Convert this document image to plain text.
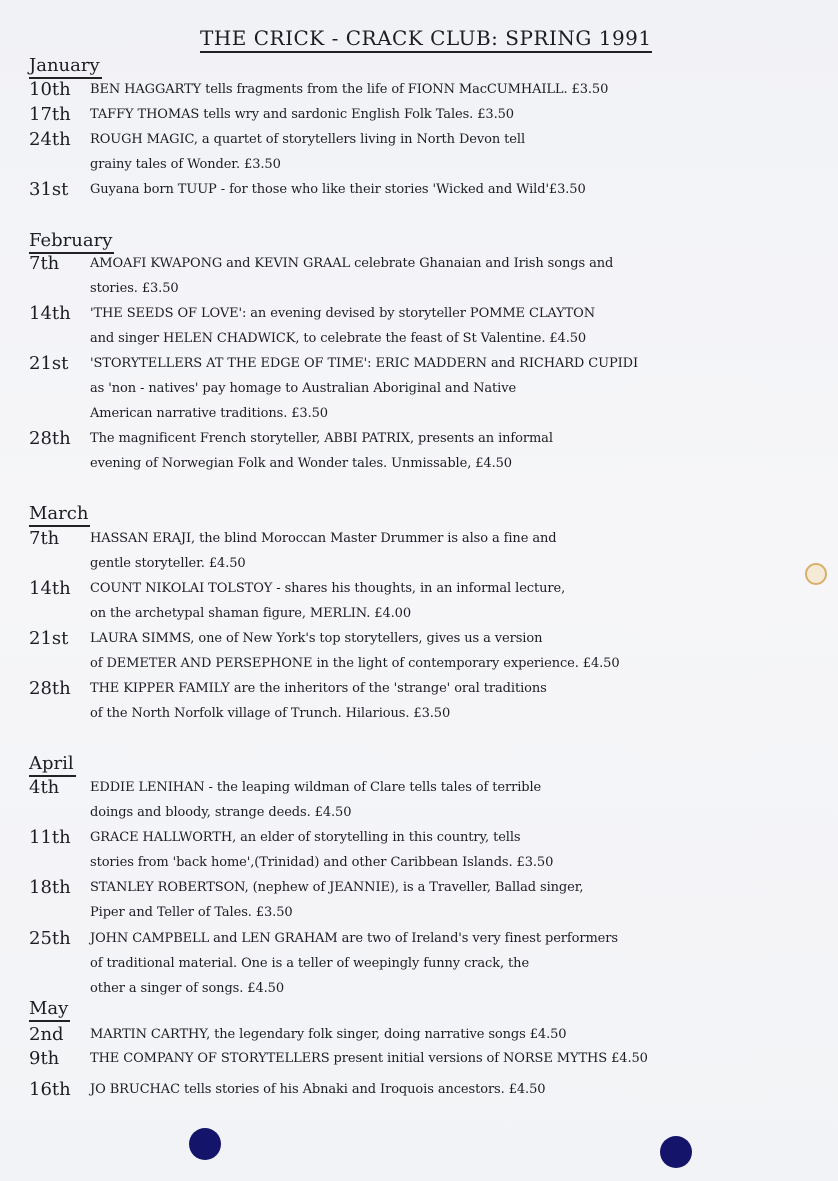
THE CRICK - CRACK CLUB: SPRING 1991
January
10th	BEN HAGGARTY tells fragments from the life of FIONN MacCUMHAILL. £3.50
17th	TAFFY THOMAS tells wry and sardonic English Folk Tales. £3.50
24th	ROUGH MAGIC, a quartet of storytellers living in North Devon tell
grainy tales of Wonder. £3.50
31st	Guyana born TUUP - for those who like their stories 'Wicked and Wild'£3.50
February
7th	AMOAFI KWAPONG and KEVIN GRAAL celebrate Ghanaian and Irish songs and
stories. £3.50
14th	'THE SEEDS OF LOVE': an evening devised by storyteller POMME CLAYTON
and singer HELEN CHADWICK, to celebrate the feast of St Valentine. £4.50
21st	'STORYTELLERS AT THE EDGE OF TIME': ERIC MADDERN and RICHARD CUPIDI
as 'non - natives' pay homage to Australian Aboriginal and Native
American narrative traditions. £3.50
28th	The magnificent French storyteller, ABBI PATRIX, presents an informal
evening of Norwegian Folk and Wonder tales. Unmissable, £4.50
March
7th	HASSAN ERAJI, the blind Moroccan Master Drummer is also a fine and
gentle storyteller. £4.50
14th	COUNT NIKOLAI TOLSTOY - shares his thoughts, in an informal lecture,
on the archetypal shaman figure, MERLIN. £4.00
21st	LAURA SIMMS, one of New York's top storytellers, gives us a version
of DEMETER AND PERSEPHONE in the light of contemporary experience. £4.50
28th	THE KIPPER FAMILY are the inheritors of the 'strange' oral traditions
of the North Norfolk village of Trunch. Hilarious. £3.50
April
4th	EDDIE LENIHAN - the leaping wildman of Clare tells tales of terrible
doings and bloody, strange deeds. £4.50
11th	GRACE HALLWORTH, an elder of storytelling in this country, tells
stories from 'back home',(Trinidad) and other Caribbean Islands. £3.50
18th	STANLEY ROBERTSON, (nephew of JEANNIE), is a Traveller, Ballad singer,
Piper and Teller of Tales. £3.50
25th	JOHN CAMPBELL and LEN GRAHAM are two of Ireland's very finest performers
of traditional material. One is a teller of weepingly funny crack, the
other a singer of songs. £4.50
May
2nd	MARTIN CARTHY, the legendary folk singer, doing narrative songs £4.50
9th	THE COMPANY OF STORYTELLERS present initial versions of NORSE MYTHS £4.50
16th	JO BRUCHAC tells stories of his Abnaki and Iroquois ancestors. £4.50
